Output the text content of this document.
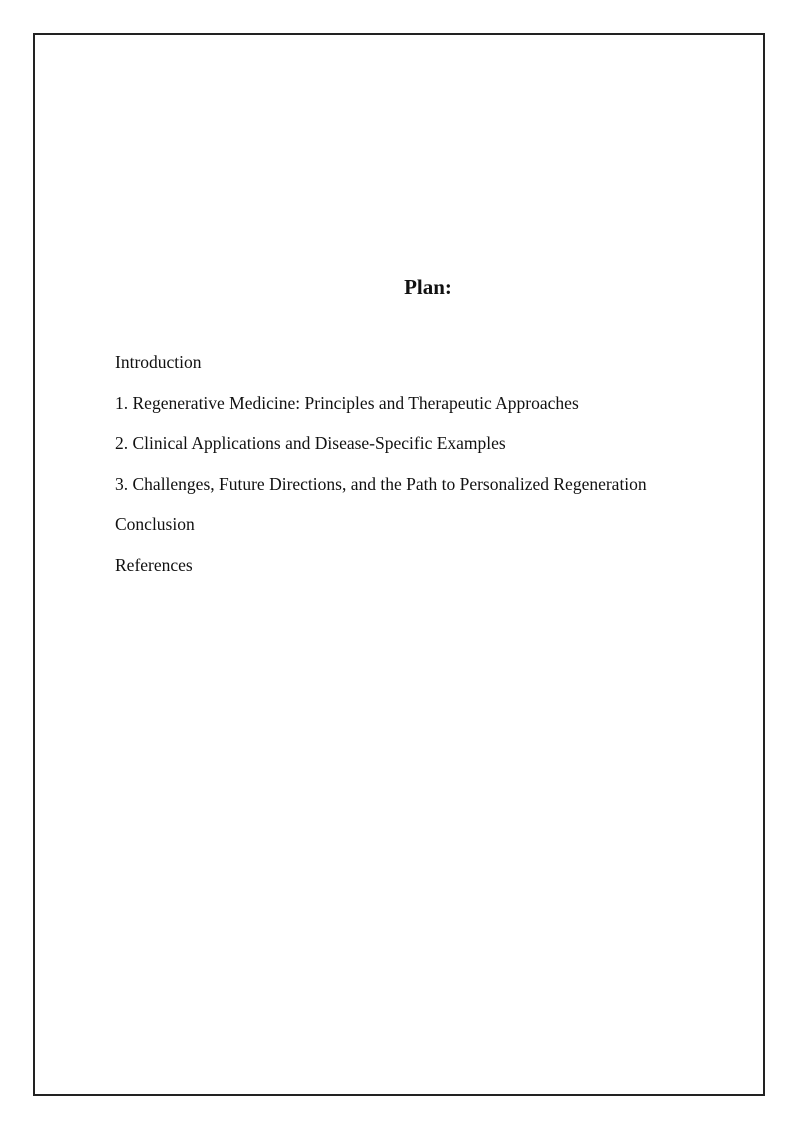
Plan:
Introduction
1. Regenerative Medicine: Principles and Therapeutic Approaches
2. Clinical Applications and Disease-Specific Examples
3. Challenges, Future Directions, and the Path to Personalized Regeneration
Conclusion
References
